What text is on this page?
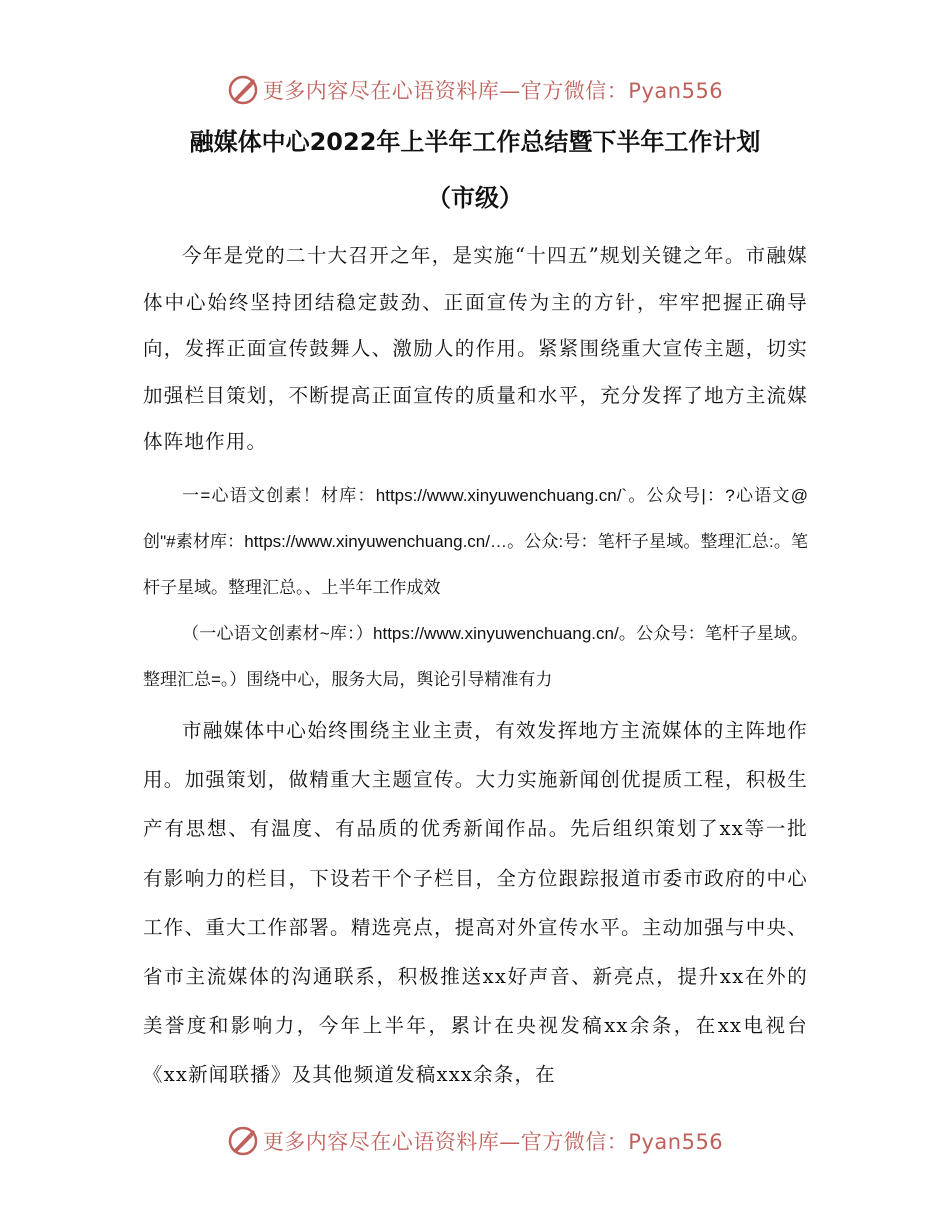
更多内容尽在心语资料库—官方微信：Pyan556
融媒体中心2022年上半年工作总结暨下半年工作计划
（市级）

今年是党的二十大召开之年，是实施“十四五”规划关键之年。市融媒体中心始终坚持团结稳定鼓劲、正面宣传为主的方针，牢牢把握正确导向，发挥正面宣传鼓舞人、激励人的作用。紧紧围绕重大宣传主题，切实加强栏目策划，不断提高正面宣传的质量和水平，充分发挥了地方主流媒体阵地作用。

一=心语文创素！材库：https://www.xinyuwenchuang.cn/`。公众号|：?心语文@创"#素材库：https://www.xinyuwenchuang.cn/…。公众:号：笔杆子星域。整理汇总:。笔杆子星域。整理汇总。、上半年工作成效

（一心语文创素材~库：）https://www.xinyuwenchuang.cn/。公众号：笔杆子星域。整理汇总=。）围绕中心，服务大局，舆论引导精准有力

市融媒体中心始终围绕主业主责，有效发挥地方主流媒体的主阵地作用。加强策划，做精重大主题宣传。大力实施新闻创优提质工程，积极生产有思想、有温度、有品质的优秀新闻作品。先后组织策划了xx等一批有影响力的栏目，下设若干个子栏目，全方位跟踪报道市委市政府的中心工作、重大工作部署。精选亮点，提高对外宣传水平。主动加强与中央、省市主流媒体的沟通联系，积极推送xx好声音、新亮点，提升xx在外的美誉度和影响力，今年上半年，累计在央视发稿xx余条，在xx电视台《xx新闻联播》及其他频道发稿xxx余条，在

更多内容尽在心语资料库—官方微信：Pyan556
